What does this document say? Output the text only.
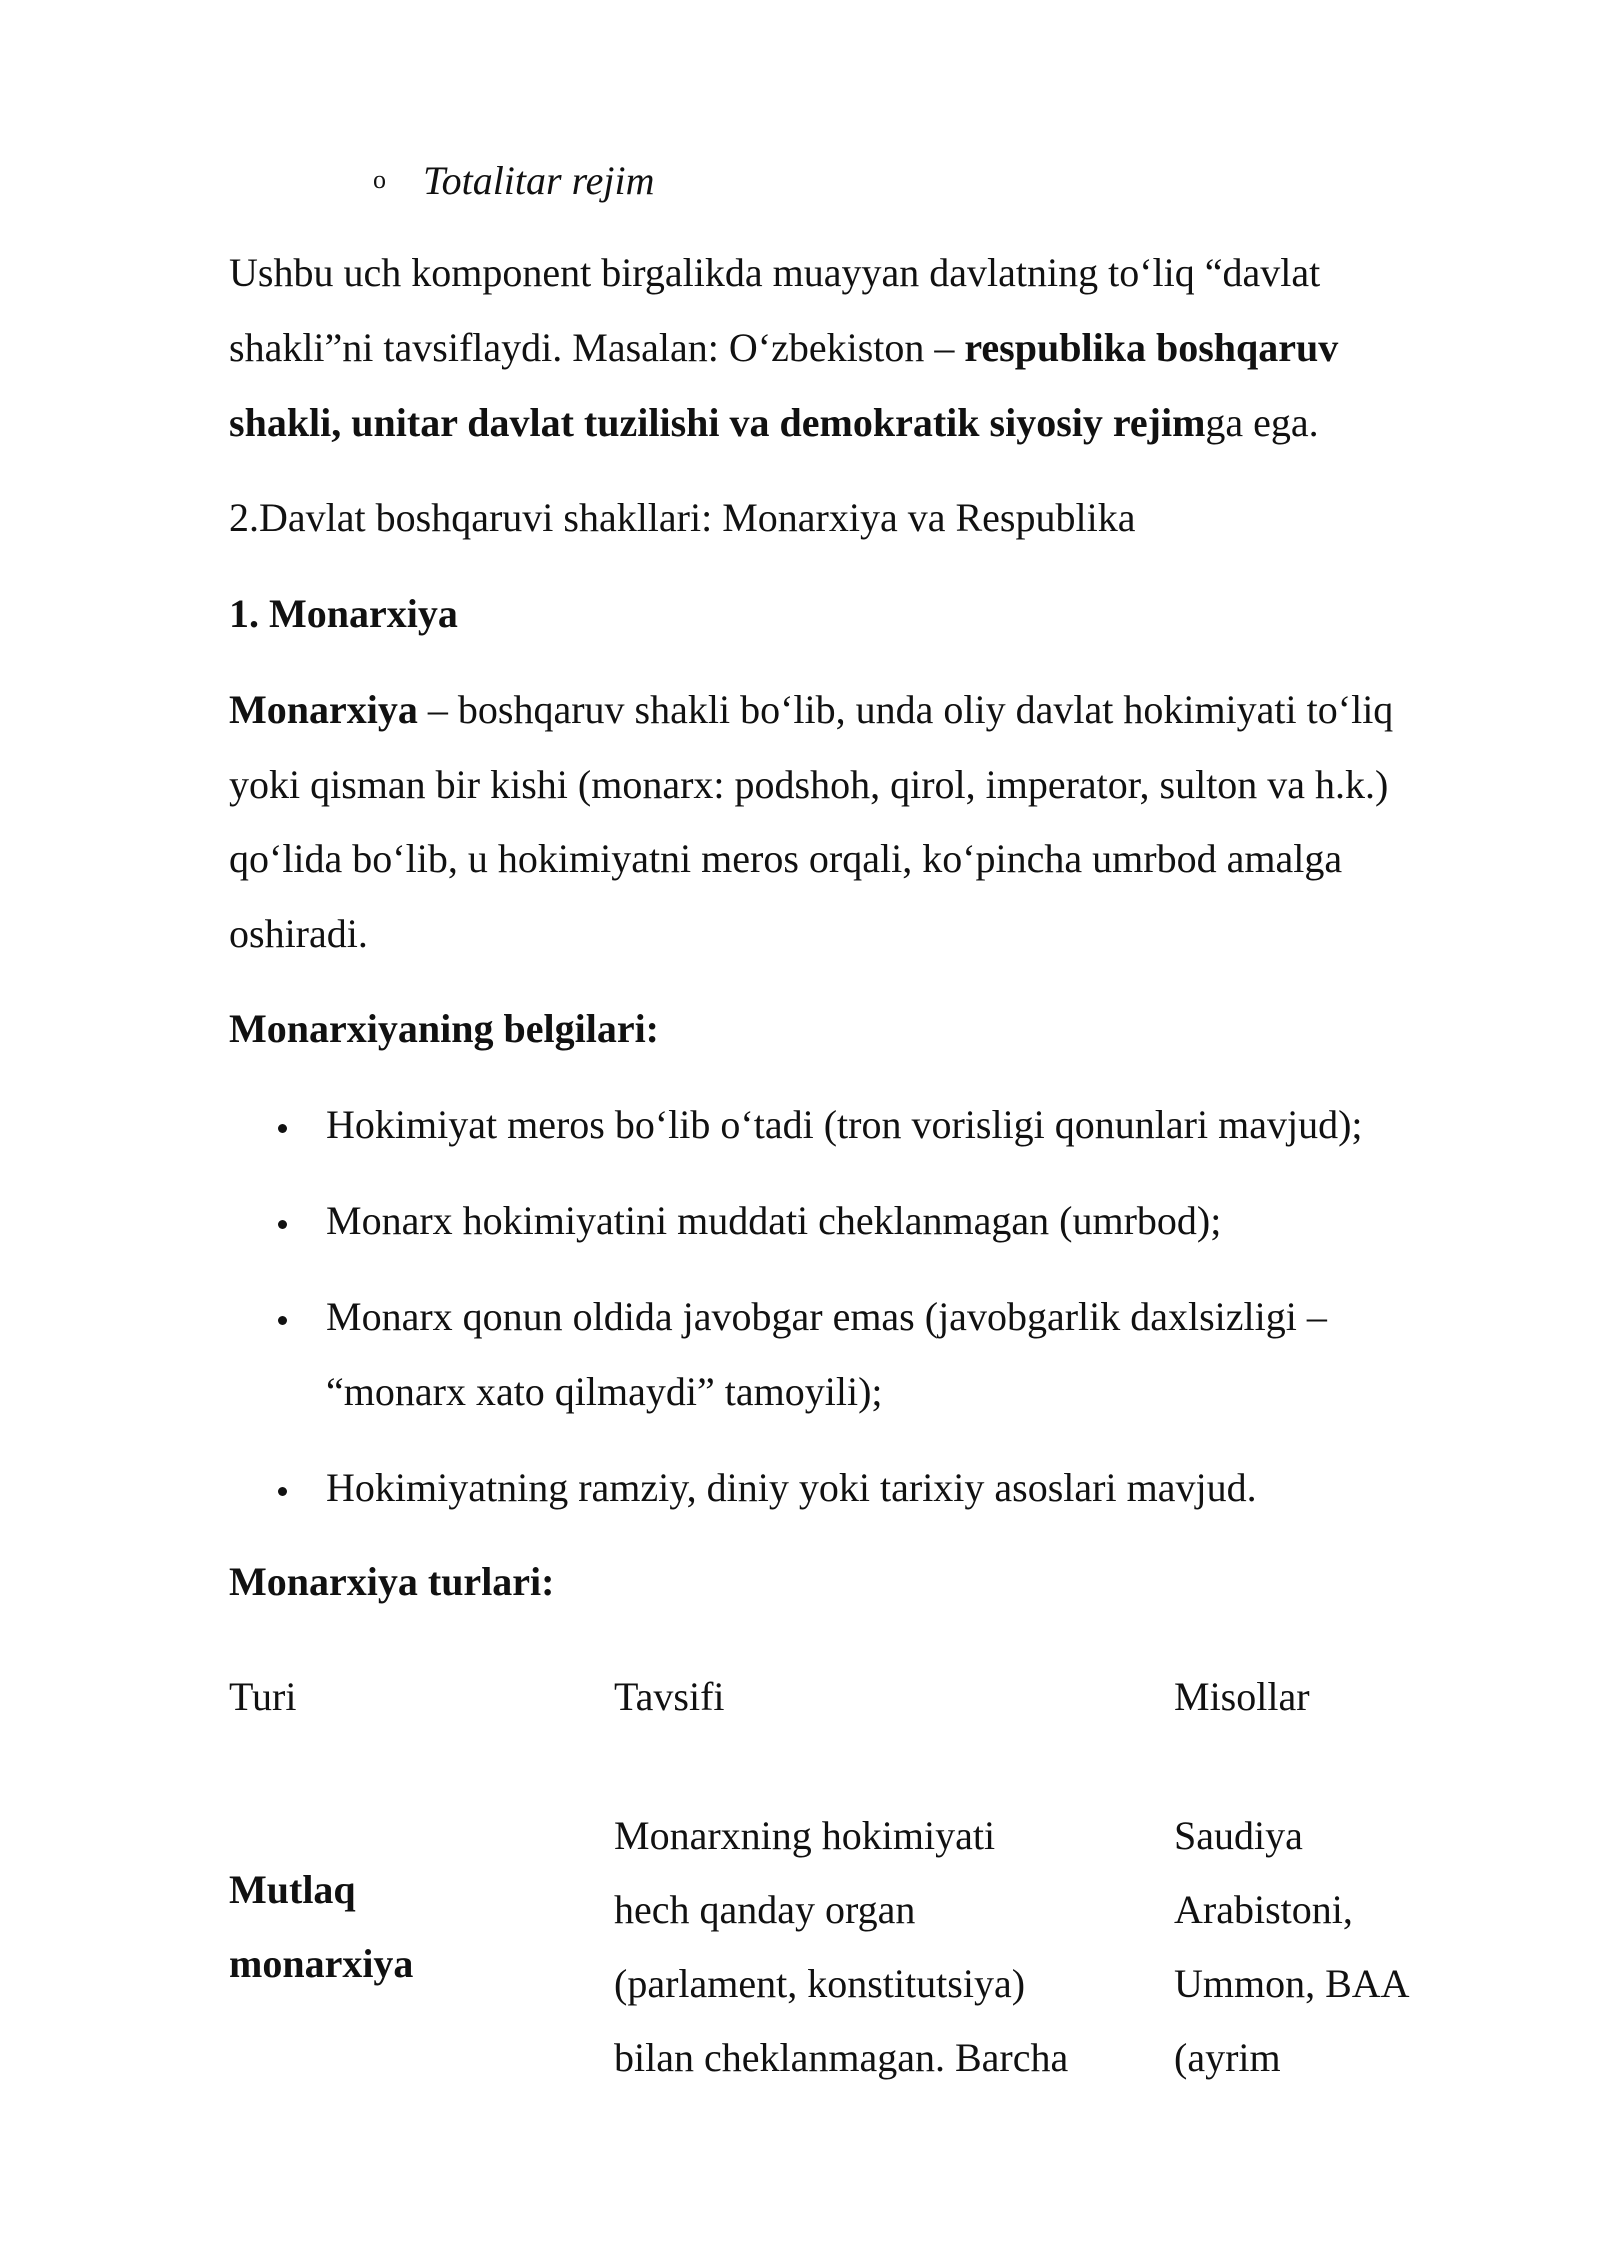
o Totalitar rejim
Ushbu uch komponent birgalikda muayyan davlatning to‘liq “davlat
shakli”ni tavsiflaydi. Masalan: O‘zbekiston – respublika boshqaruv
shakli, unitar davlat tuzilishi va demokratik siyosiy rejimga ega.
2.Davlat boshqaruvi shakllari: Monarxiya va Respublika
1. Monarxiya
Monarxiya – boshqaruv shakli bo‘lib, unda oliy davlat hokimiyati to‘liq
yoki qisman bir kishi (monarx: podshoh, qirol, imperator, sulton va h.k.)
qo‘lida bo‘lib, u hokimiyatni meros orqali, ko‘pincha umrbod amalga
oshiradi.
Monarxiyaning belgilari:
Hokimiyat meros bo‘lib o‘tadi (tron vorisligi qonunlari mavjud);
Monarx hokimiyatini muddati cheklanmagan (umrbod);
Monarx qonun oldida javobgar emas (javobgarlik daxlsizligi –
“monarx xato qilmaydi” tamoyili);
Hokimiyatning ramziy, diniy yoki tarixiy asoslari mavjud.
Monarxiya turlari:
Turi	Tavsifi	Misollar
Mutlaq
monarxiya
Monarxning hokimiyati
hech qanday organ
(parlament, konstitutsiya)
bilan cheklanmagan. Barcha
Saudiya
Arabistoni,
Ummon, BAA
(ayrim
